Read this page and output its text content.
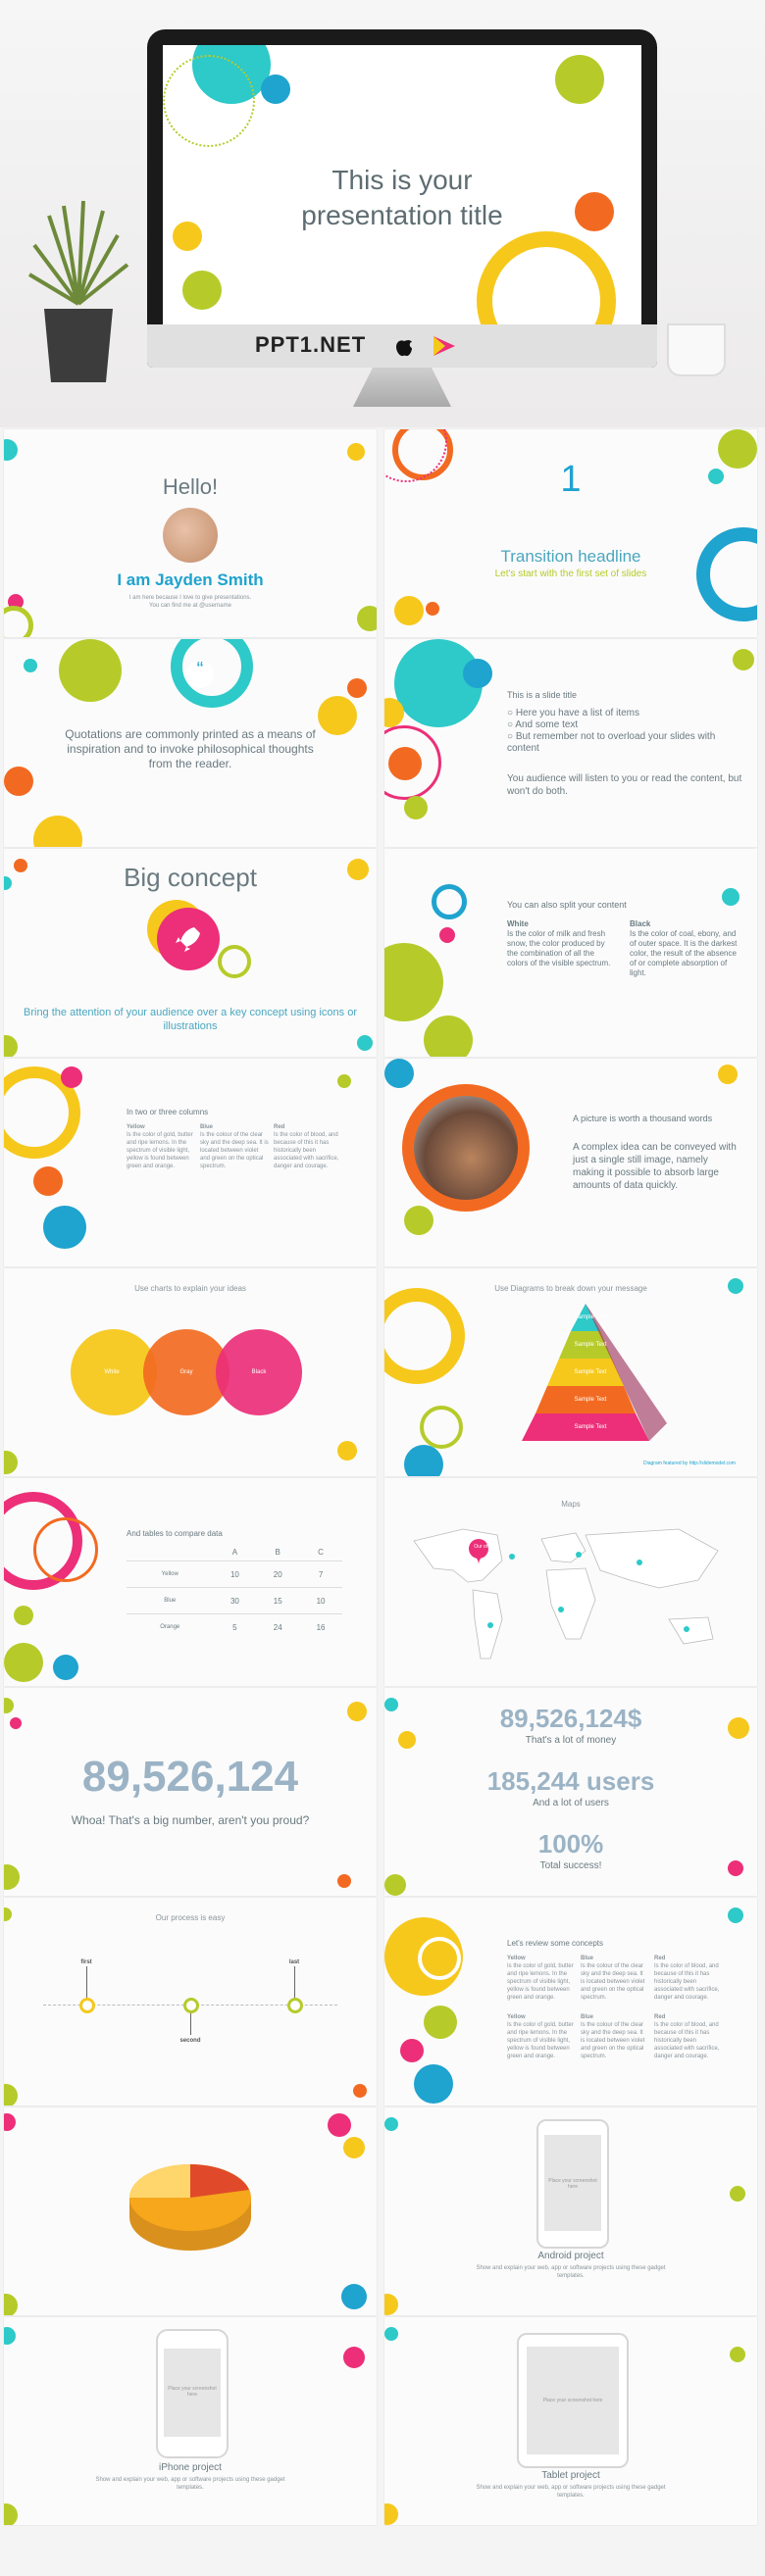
This is your
presentation title
PPT1.NET
Hello!
I am Jayden Smith
I am here because I love to give presentations.
You can find me at @username
1
Transition headline
Let's start with the first set of slides
“
Quotations are commonly printed as a means of inspiration and to invoke philosophical thoughts from the reader.
This is a slide title
○ Here you have a list of items
○ And some text
○ But remember not to overload your slides with content
You audience will listen to you or read the content, but won't do both.
Big concept
Bring the attention of your audience over a key concept using icons or illustrations
You can also split your content
White
Is the color of milk and fresh snow, the color produced by the combination of all the colors of the visible spectrum.
Black
Is the color of coal, ebony, and of outer space. It is the darkest color, the result of the absence of or complete absorption of light.
In two or three columns
Yellow
Is the color of gold, butter and ripe lemons. In the spectrum of visible light, yellow is found between green and orange.
Blue
Is the colour of the clear sky and the deep sea. It is located between violet and green on the optical spectrum.
Red
Is the color of blood, and because of this it has historically been associated with sacrifice, danger and courage.
A picture is worth a thousand words
A complex idea can be conveyed with just a single still image, namely making it possible to absorb large amounts of data quickly.
Use charts to explain your ideas
White	Gray	Black
Use Diagrams to break down your message
Sample Text
Sample Text
Sample Text
Sample Text
Sample Text
Diagram featured by http://slidemodel.com
And tables to compare data
	A	B	C
Yellow	10	20	7
Blue	30	15	10
Orange	5	24	16
Maps
Our office
89,526,124
Whoa! That's a big number, aren't you proud?
89,526,124$
That's a lot of money
185,244 users
And a lot of users
100%
Total success!
Our process is easy
first
second
last
Let's review some concepts
Yellow
Is the color of gold, butter and ripe lemons. In the spectrum of visible light, yellow is found between green and orange.
Blue
Is the colour of the clear sky and the deep sea. It is located between violet and green on the optical spectrum.
Red
Is the color of blood, and because of this it has historically been associated with sacrifice, danger and courage.
Yellow
Is the color of gold, butter and ripe lemons. In the spectrum of visible light, yellow is found between green and orange.
Blue
Is the colour of the clear sky and the deep sea. It is located between violet and green on the optical spectrum.
Red
Is the color of blood, and because of this it has historically been associated with sacrifice, danger and courage.
Place your screenshot here
Android project
Show and explain your web, app or software projects using these gadget templates.
Place your screenshot here
iPhone project
Show and explain your web, app or software projects using these gadget templates.
Place your screenshot here
Tablet project
Show and explain your web, app or software projects using these gadget templates.
